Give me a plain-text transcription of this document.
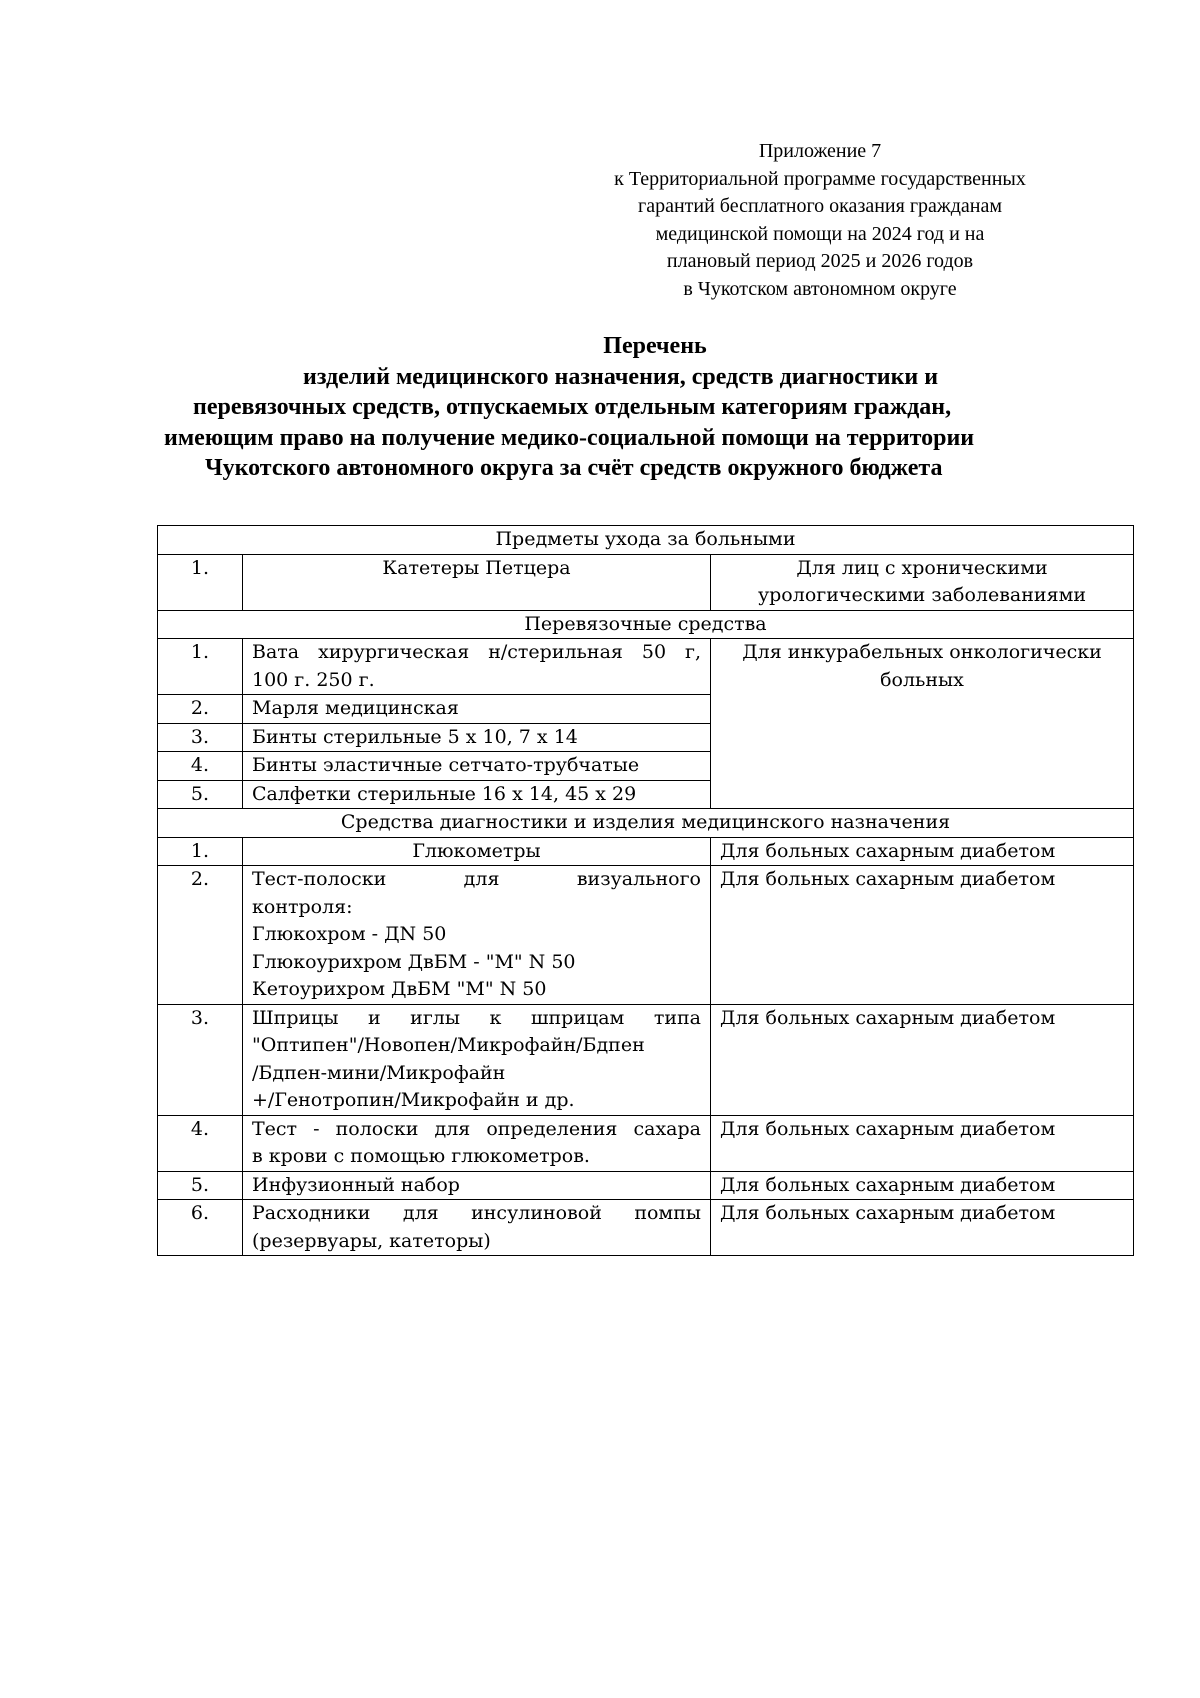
Приложение 7
к Территориальной программе государственных
гарантий бесплатного оказания гражданам
медицинской помощи на 2024 год и на
плановый период 2025 и 2026 годов
в Чукотском автономном округе
Перечень
изделий медицинского назначения, средств диагностики и
перевязочных средств, отпускаемых отдельным категориям граждан,
имеющим право на получение медико-социальной помощи на территории
Чукотского автономного округа за счёт средств окружного бюджета
Предметы ухода за больными		
1.	Катетеры Петцера	Для лиц с хроническими
урологическими заболеваниями

Перевязочные средства		
1.	Вата хирургическая н/стерильная 50 г,
100 г. 250 г.	Для инкурабельных онкологически
больных

2.	Марля медицинская	
3.	Бинты стерильные 5 х 10, 7 х 14	
4.	Бинты эластичные сетчато-трубчатые	
5.	Салфетки стерильные 16 х 14, 45 х 29	
Средства диагностики и изделия медицинского назначения		
1.	Глюкометры	Для больных сахарным диабетом
2.	Тест-полоски для визуального
контроля:
Глюкохром - ДN 50
Глюкоурихром ДвБМ - "М" N 50
Кетоурихром ДвБМ "М" N 50	Для больных сахарным диабетом
3.	Шприцы и иглы к шприцам типа
"Оптипен"/Новопен/Микрофайн/Бдпен
/Бдпен-мини/Микрофайн
+/Генотропин/Микрофайн и др.	Для больных сахарным диабетом
4.	Тест - полоски для определения сахара
в крови с помощью глюкометров.	Для больных сахарным диабетом
5.	Инфузионный набор	Для больных сахарным диабетом
6.	Расходники для инсулиновой помпы
(резервуары, катеторы)	Для больных сахарным диабетом
